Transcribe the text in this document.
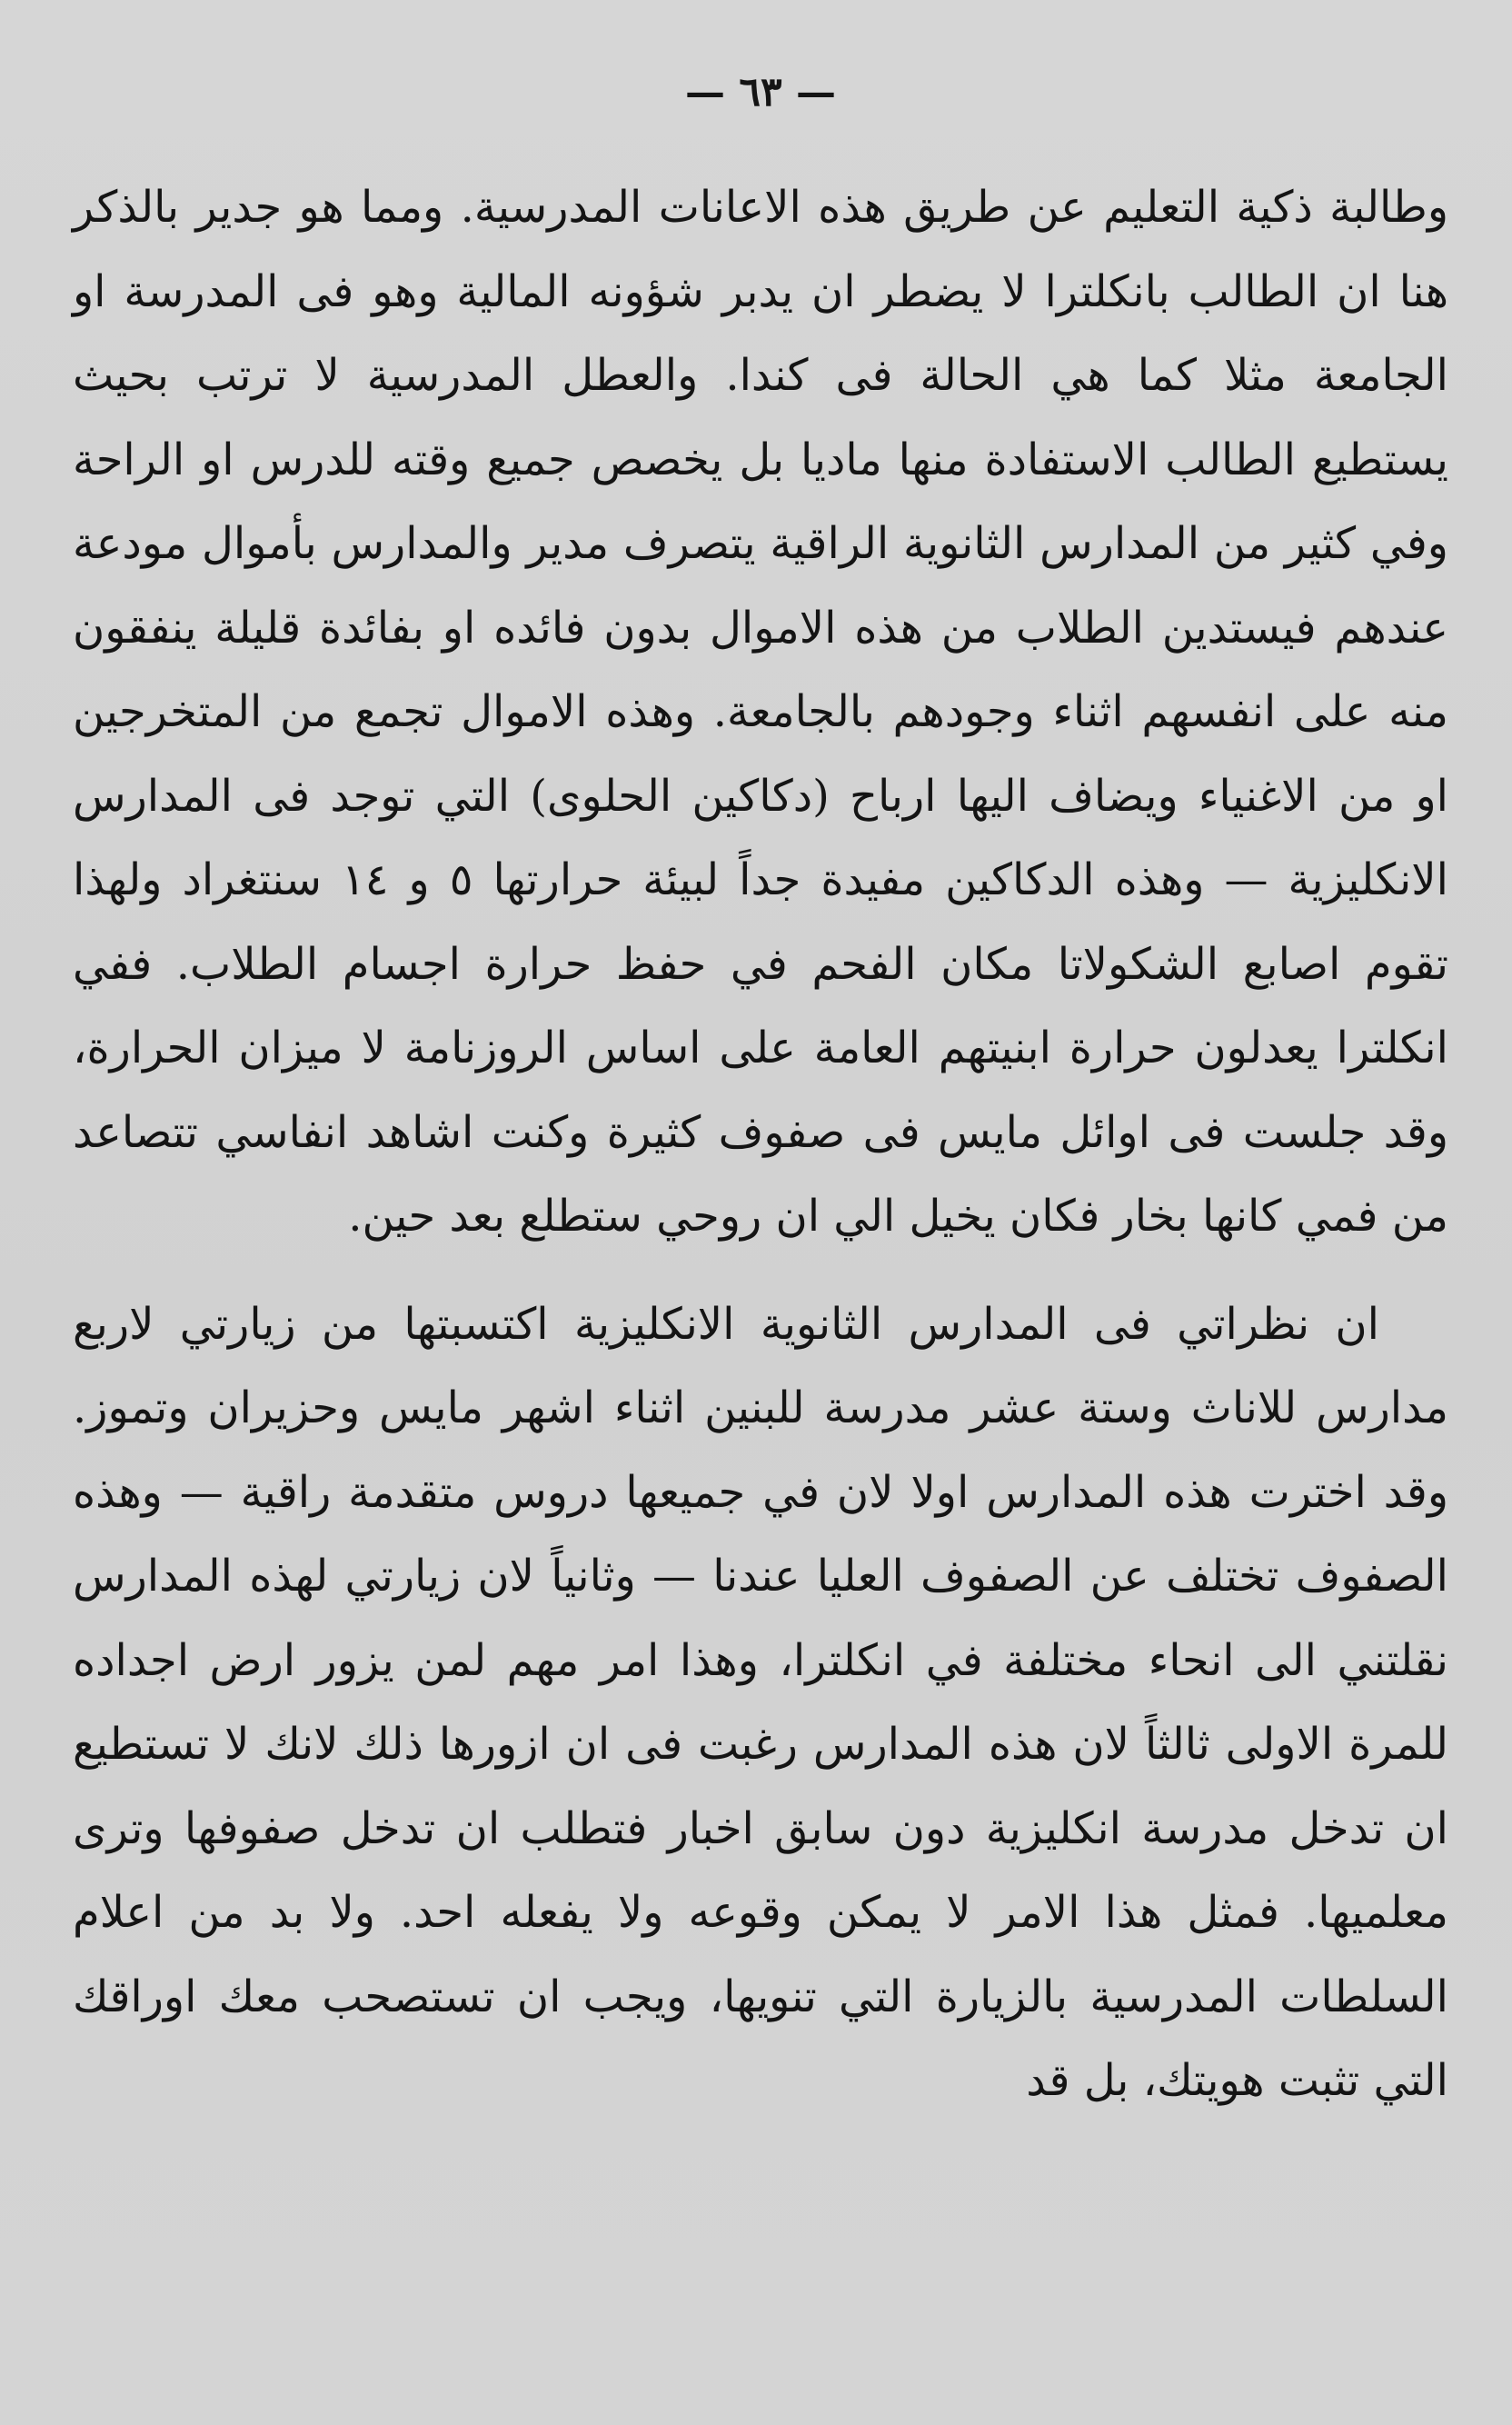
— ٦٣ —

وطالبة ذكية التعليم عن طريق هذه الاعانات المدرسية. ومما هو جدير بالذكر هنا ان الطالب بانكلترا لا يضطر ان يدبر شؤونه المالية وهو فى المدرسة او الجامعة مثلا كما هي الحالة فى كندا. والعطل المدرسية لا ترتب بحيث يستطيع الطالب الاستفادة منها ماديا بل يخصص جميع وقته للدرس او الراحة وفي كثير من المدارس الثانوية الراقية يتصرف مدير والمدارس بأموال مودعة عندهم فيستدين الطلاب من هذه الاموال بدون فائده او بفائدة قليلة ينفقون منه على انفسهم اثناء وجودهم بالجامعة. وهذه الاموال تجمع من المتخرجين او من الاغنياء ويضاف اليها ارباح (دكاكين الحلوى) التي توجد فى المدارس الانكليزية — وهذه الدكاكين مفيدة جداً لبيئة حرارتها ٥ و ١٤ سنتغراد ولهذا تقوم اصابع الشكولاتا مكان الفحم في حفظ حرارة اجسام الطلاب. ففي انكلترا يعدلون حرارة ابنيتهم العامة على اساس الروزنامة لا ميزان الحرارة، وقد جلست فى اوائل مايس فى صفوف كثيرة وكنت اشاهد انفاسي تتصاعد من فمي كانها بخار فكان يخيل الي ان روحي ستطلع بعد حين.

ان نظراتي فى المدارس الثانوية الانكليزية اكتسبتها من زيارتي لاربع مدارس للاناث وستة عشر مدرسة للبنين اثناء اشهر مايس وحزيران وتموز. وقد اخترت هذه المدارس اولا لان في جميعها دروس متقدمة راقية — وهذه الصفوف تختلف عن الصفوف العليا عندنا — وثانياً لان زيارتي لهذه المدارس نقلتني الى انحاء مختلفة في انكلترا، وهذا امر مهم لمن يزور ارض اجداده للمرة الاولى ثالثاً لان هذه المدارس رغبت فى ان ازورها ذلك لانك لا تستطيع ان تدخل مدرسة انكليزية دون سابق اخبار فتطلب ان تدخل صفوفها وترى معلميها. فمثل هذا الامر لا يمكن وقوعه ولا يفعله احد. ولا بد من اعلام السلطات المدرسية بالزيارة التي تنويها، ويجب ان تستصحب معك اوراقك التي تثبت هويتك، بل قد
